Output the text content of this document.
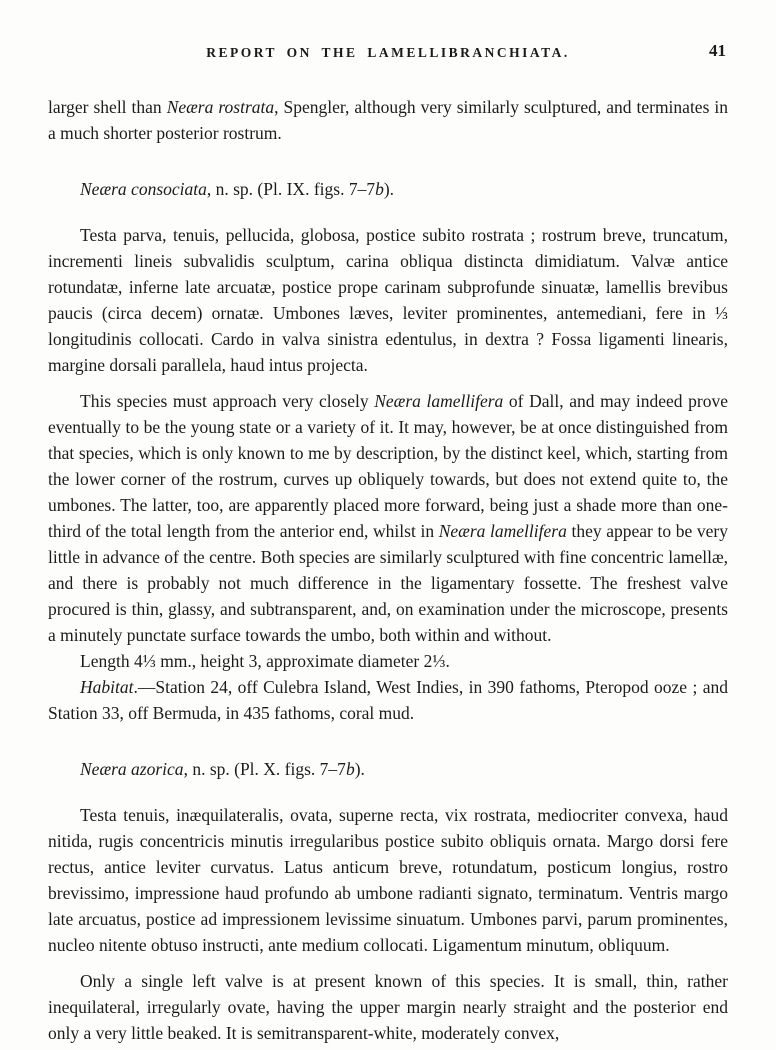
REPORT ON THE LAMELLIBRANCHIATA.	41

larger shell than Neæra rostrata, Spengler, although very similarly sculptured, and terminates in a much shorter posterior rostrum.

Neæra consociata, n. sp. (Pl. IX. figs. 7–7b).

Testa parva, tenuis, pellucida, globosa, postice subito rostrata ; rostrum breve, truncatum, incrementi lineis subvalidis sculptum, carina obliqua distincta dimidiatum. Valvæ antice rotundatæ, inferne late arcuatæ, postice prope carinam subprofunde sinuatæ, lamellis brevibus paucis (circa decem) ornatæ. Umbones læves, leviter prominentes, antemediani, fere in ⅓ longitudinis collocati. Cardo in valva sinistra edentulus, in dextra ? Fossa ligamenti linearis, margine dorsali parallela, haud intus projecta.

This species must approach very closely Neæra lamellifera of Dall, and may indeed prove eventually to be the young state or a variety of it. It may, however, be at once distinguished from that species, which is only known to me by description, by the distinct keel, which, starting from the lower corner of the rostrum, curves up obliquely towards, but does not extend quite to, the umbones. The latter, too, are apparently placed more forward, being just a shade more than one-third of the total length from the anterior end, whilst in Neæra lamellifera they appear to be very little in advance of the centre. Both species are similarly sculptured with fine concentric lamellæ, and there is probably not much difference in the ligamentary fossette. The freshest valve procured is thin, glassy, and subtransparent, and, on examination under the microscope, presents a minutely punctate surface towards the umbo, both within and without.

Length 4⅓ mm., height 3, approximate diameter 2⅓.

Habitat.—Station 24, off Culebra Island, West Indies, in 390 fathoms, Pteropod ooze ; and Station 33, off Bermuda, in 435 fathoms, coral mud.

Neæra azorica, n. sp. (Pl. X. figs. 7–7b).

Testa tenuis, inæquilateralis, ovata, superne recta, vix rostrata, mediocriter convexa, haud nitida, rugis concentricis minutis irregularibus postice subito obliquis ornata. Margo dorsi fere rectus, antice leviter curvatus. Latus anticum breve, rotundatum, posticum longius, rostro brevissimo, impressione haud profundo ab umbone radianti signato, terminatum. Ventris margo late arcuatus, postice ad impressionem levissime sinuatum. Umbones parvi, parum prominentes, nucleo nitente obtuso instructi, ante medium collocati. Ligamentum minutum, obliquum.

Only a single left valve is at present known of this species. It is small, thin, rather inequilateral, irregularly ovate, having the upper margin nearly straight and the posterior end only a very little beaked. It is semitransparent-white, moderately convex,
